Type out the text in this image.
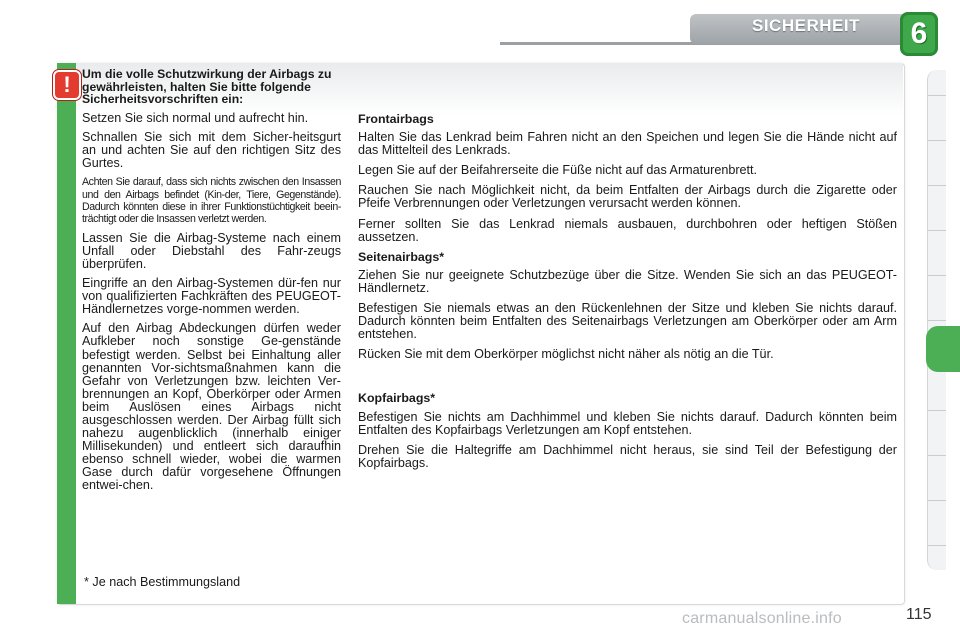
SICHERHEIT 6
! Um die volle Schutzwirkung der Airbags zu gewährleisten, halten Sie bitte folgende Sicherheitsvorschriften ein:

Setzen Sie sich normal und aufrecht hin.

Schnallen Sie sich mit dem Sicher-heitsgurt an und achten Sie auf den richtigen Sitz des Gurtes.

Achten Sie darauf, dass sich nichts zwischen den Insassen und den Airbags befindet (Kin-der, Tiere, Gegenstände). Dadurch könnten diese in ihrer Funktionstüchtigkeit beein-trächtigt oder die Insassen verletzt werden.

Lassen Sie die Airbag-Systeme nach einem Unfall oder Diebstahl des Fahr-zeugs überprüfen.

Eingriffe an den Airbag-Systemen dür-fen nur von qualifizierten Fachkräften des PEUGEOT-Händlernetzes vorge-nommen werden.

Auf den Airbag Abdeckungen dürfen weder Aufkleber noch sonstige Ge-genstände befestigt werden. Selbst bei Einhaltung aller genannten Vor-sichtsmaßnahmen kann die Gefahr von Verletzungen bzw. leichten Ver-brennungen an Kopf, Oberkörper oder Armen beim Auslösen eines Airbags nicht ausgeschlossen werden. Der Airbag füllt sich nahezu augenblicklich (innerhalb einiger Millisekunden) und entleert sich daraufhin ebenso schnell wieder, wobei die warmen Gase durch dafür vorgesehene Öffnungen entwei-chen.

* Je nach Bestimmungsland
Frontairbags

Halten Sie das Lenkrad beim Fahren nicht an den Speichen und legen Sie die Hände nicht auf das Mittelteil des Lenkrads.

Legen Sie auf der Beifahrerseite die Füße nicht auf das Armaturenbrett.

Rauchen Sie nach Möglichkeit nicht, da beim Entfalten der Airbags durch die Zigarette oder Pfeife Verbrennungen oder Verletzungen verursacht werden können.

Ferner sollten Sie das Lenkrad niemals ausbauen, durchbohren oder heftigen Stößen aussetzen.

Seitenairbags*

Ziehen Sie nur geeignete Schutzbezüge über die Sitze. Wenden Sie sich an das PEUGEOT-Händlernetz.

Befestigen Sie niemals etwas an den Rückenlehnen der Sitze und kleben Sie nichts darauf. Dadurch könnten beim Entfalten des Seitenairbags Verletzungen am Oberkörper oder am Arm entstehen.

Rücken Sie mit dem Oberkörper möglichst nicht näher als nötig an die Tür.

Kopfairbags*

Befestigen Sie nichts am Dachhimmel und kleben Sie nichts darauf. Dadurch könnten beim Entfalten des Kopfairbags Verletzungen am Kopf entstehen.

Drehen Sie die Haltegriffe am Dachhimmel nicht heraus, sie sind Teil der Befestigung der Kopfairbags.

carmanualsonline.info	115
